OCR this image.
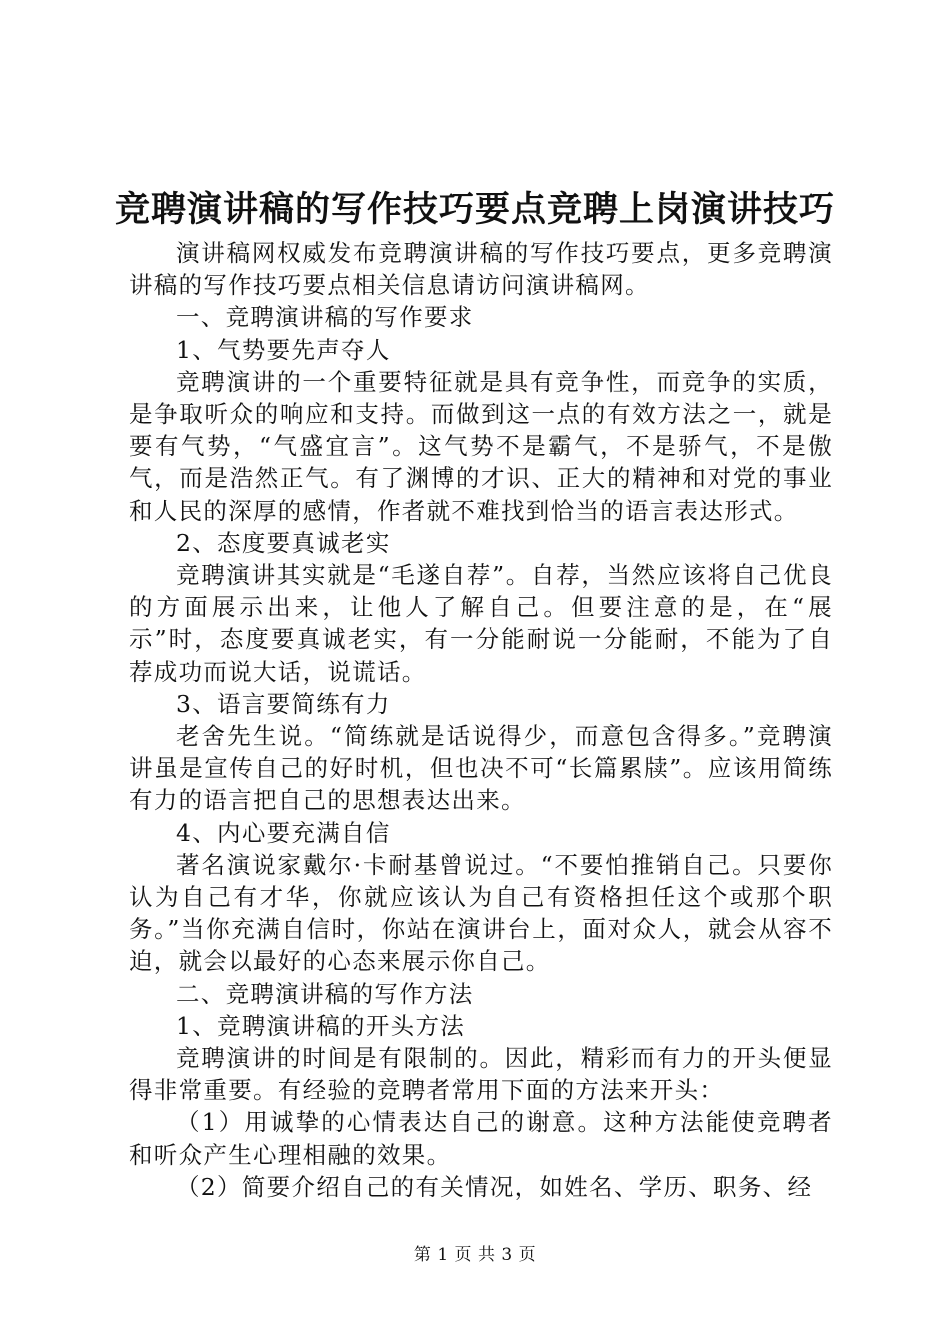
竞聘演讲稿的写作技巧要点竞聘上岗演讲技巧

演讲稿网权威发布竞聘演讲稿的写作技巧要点，更多竞聘演讲稿的写作技巧要点相关信息请访问演讲稿网。

一、竞聘演讲稿的写作要求

1、气势要先声夺人

竞聘演讲的一个重要特征就是具有竞争性，而竞争的实质，是争取听众的响应和支持。而做到这一点的有效方法之一，就是要有气势，“气盛宜言”。这气势不是霸气，不是骄气，不是傲气，而是浩然正气。有了渊博的才识、正大的精神和对党的事业和人民的深厚的感情，作者就不难找到恰当的语言表达形式。

2、态度要真诚老实

竞聘演讲其实就是“毛遂自荐”。自荐，当然应该将自己优良的方面展示出来，让他人了解自己。但要注意的是，在“展示”时，态度要真诚老实，有一分能耐说一分能耐，不能为了自荐成功而说大话，说谎话。

3、语言要简练有力

老舍先生说。“简练就是话说得少，而意包含得多。”竞聘演讲虽是宣传自己的好时机，但也决不可“长篇累牍”。应该用简练有力的语言把自己的思想表达出来。

4、内心要充满自信

著名演说家戴尔·卡耐基曾说过。“不要怕推销自己。只要你认为自己有才华，你就应该认为自己有资格担任这个或那个职务。”当你充满自信时，你站在演讲台上，面对众人，就会从容不迫，就会以最好的心态来展示你自己。

二、竞聘演讲稿的写作方法

1、竞聘演讲稿的开头方法

竞聘演讲的时间是有限制的。因此，精彩而有力的开头便显得非常重要。有经验的竞聘者常用下面的方法来开头：

（1）用诚挚的心情表达自己的谢意。这种方法能使竞聘者和听众产生心理相融的效果。

（2）简要介绍自己的有关情况，如姓名、学历、职务、经

第 1 页 共 3 页
